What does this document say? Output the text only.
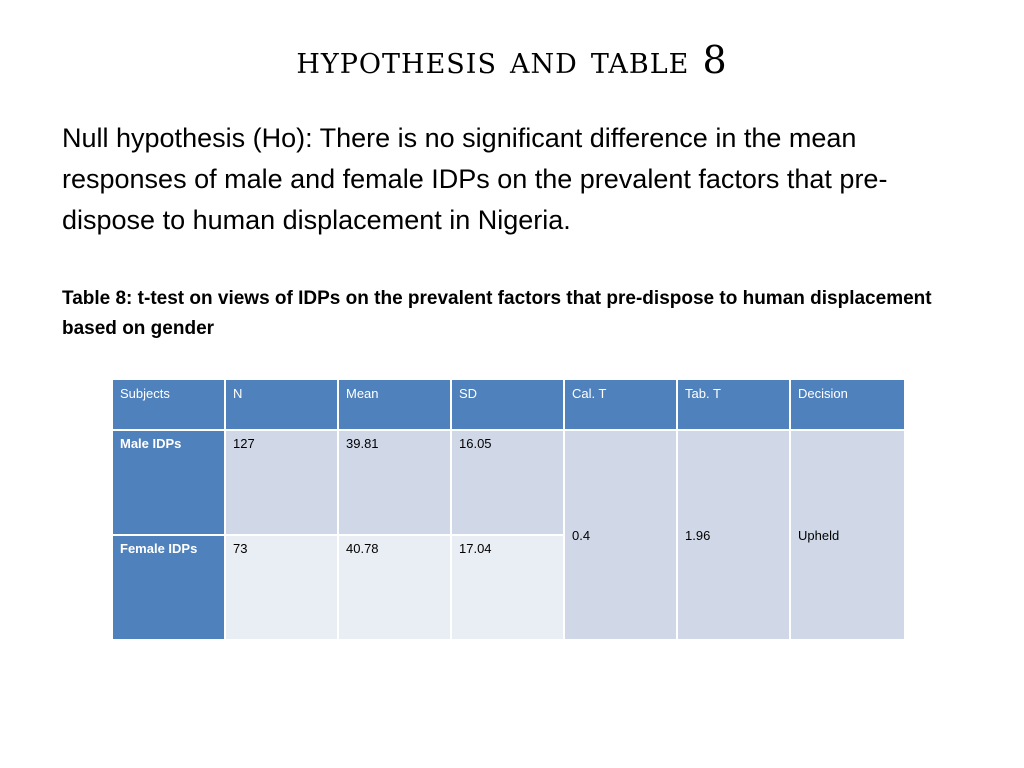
hypothesis and table 8
Null hypothesis (Ho): There is no significant difference in the mean responses of male and female IDPs on the prevalent factors that pre-dispose to human displacement in Nigeria.
Table 8: t-test on views of IDPs on the prevalent factors that pre-dispose to human displacement based on gender
Subjects	N	Mean	SD	Cal. T	Tab. T	Decision
Male IDPs	127	39.81	16.05	0.4	1.96	Upheld
Female IDPs	73	40.78	17.04			
